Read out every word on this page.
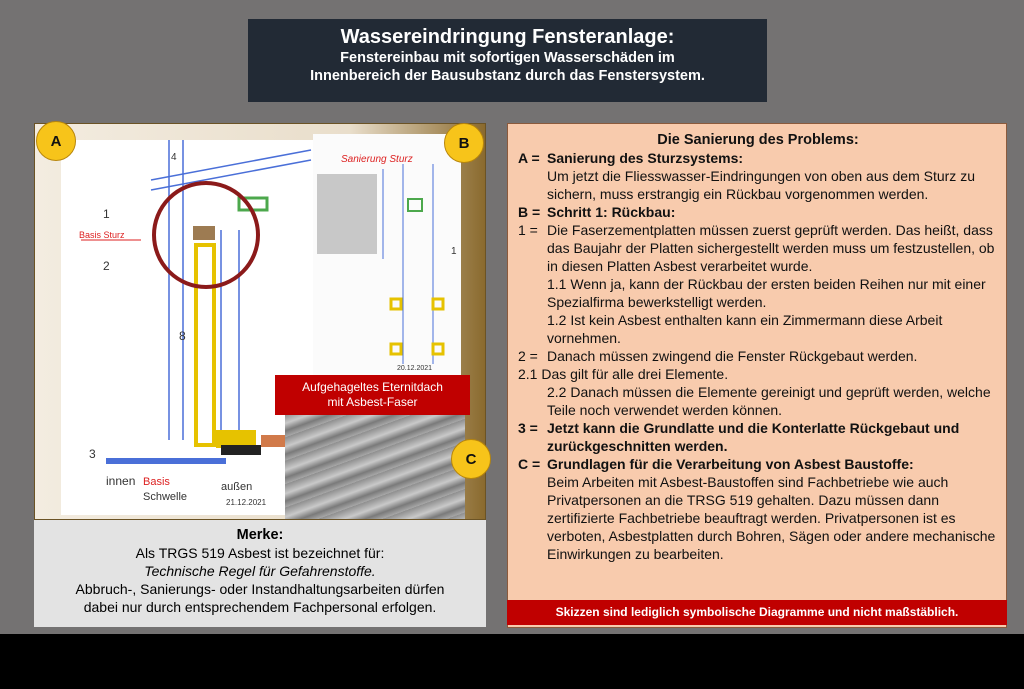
Wassereindringung Fensteranlage:
Fenstereinbau mit sofortigen Wasserschäden im
Innenbereich der Bausubstanz durch das Fenstersystem.
Basis Sturz
1
2
3
4
8
innen Basis
Schwelle
außen
21.12.2021
Sanierung Sturz
1
20.12.2021
A	B
C
Aufgehageltes Eternitdach
mit Asbest-Faser
Merke:
Als TRGS 519 Asbest ist bezeichnet für:
Technische Regel für Gefahrenstoffe.
Abbruch-, Sanierungs- oder Instandhaltungsarbeiten dürfen
dabei nur durch entsprechendem Fachpersonal erfolgen.
Die Sanierung des Problems:
A = Sanierung des Sturzsystems:
Um jetzt die Fliesswasser-Eindringungen von oben aus dem Sturz zu sichern, muss erstrangig ein Rückbau vorgenommen werden.
B = Schritt 1: Rückbau:
1 = Die Faserzementplatten müssen zuerst geprüft werden. Das heißt, dass das Baujahr der Platten sichergestellt werden muss um festzustellen, ob in diesen Platten Asbest verarbeitet wurde.
1.1 Wenn ja, kann der Rückbau der ersten beiden Reihen nur mit einer Spezialfirma bewerkstelligt werden.
1.2 Ist kein Asbest enthalten kann ein Zimmermann diese Arbeit vornehmen.
2 = Danach müssen zwingend die Fenster Rückgebaut werden.
2.1 Das gilt für alle drei Elemente.
2.2 Danach müssen die Elemente gereinigt und geprüft werden, welche Teile noch verwendet werden können.
3 = Jetzt kann die Grundlatte und die Konterlatte Rückgebaut und zurückgeschnitten werden.
C = Grundlagen für die Verarbeitung von Asbest Baustoffe:
Beim Arbeiten mit Asbest-Baustoffen sind Fachbetriebe wie auch Privatpersonen an die TRSG 519 gehalten. Dazu müssen dann zertifizierte Fachbetriebe beauftragt werden. Privatpersonen ist es verboten, Asbestplatten durch Bohren, Sägen oder andere mechanische Einwirkungen zu bearbeiten.
Skizzen sind lediglich symbolische Diagramme und nicht maßstäblich.
